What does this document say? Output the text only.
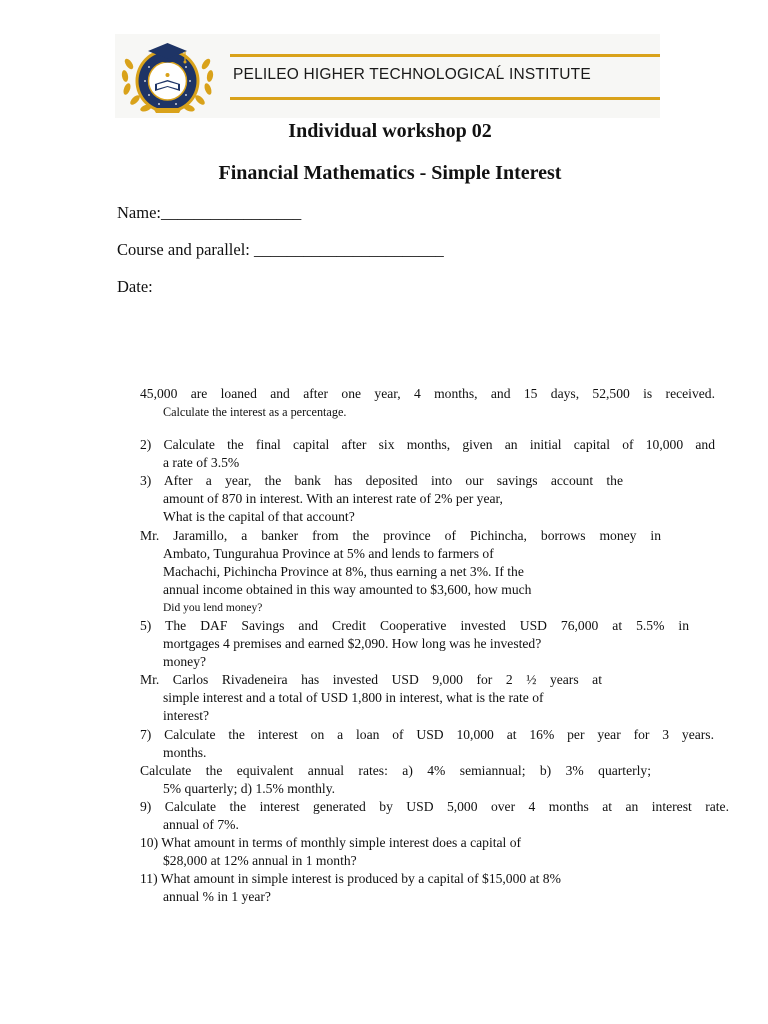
PELILEO HIGHER TECHNOLOGICAĹ INSTITUTE
Individual workshop 02
Financial Mathematics - Simple Interest
Name:_________________
Course and parallel: _______________________
Date:
45,000 are loaned and after one year, 4 months, and 15 days, 52,500 is received.
Calculate the interest as a percentage.
2) Calculate the final capital after six months, given an initial capital of 10,000 and
a rate of 3.5%
3) After a year, the bank has deposited into our savings account the
amount of 870 in interest. With an interest rate of 2% per year,
What is the capital of that account?
Mr. Jaramillo, a banker from the province of Pichincha, borrows money in
Ambato, Tungurahua Province at 5% and lends to farmers of
Machachi, Pichincha Province at 8%, thus earning a net 3%. If the
annual income obtained in this way amounted to $3,600, how much
Did you lend money?
5) The DAF Savings and Credit Cooperative invested USD 76,000 at 5.5% in
mortgages 4 premises and earned $2,090. How long was he invested?
money?
Mr. Carlos Rivadeneira has invested USD 9,000 for 2 ½ years at
simple interest and a total of USD 1,800 in interest, what is the rate of
interest?
7) Calculate the interest on a loan of USD 10,000 at 16% per year for 3 years.
months.
Calculate the equivalent annual rates: a) 4% semiannual; b) 3% quarterly;
5% quarterly; d) 1.5% monthly.
9) Calculate the interest generated by USD 5,000 over 4 months at an interest rate.
annual of 7%.
10) What amount in terms of monthly simple interest does a capital of
$28,000 at 12% annual in 1 month?
11) What amount in simple interest is produced by a capital of $15,000 at 8%
annual % in 1 year?
